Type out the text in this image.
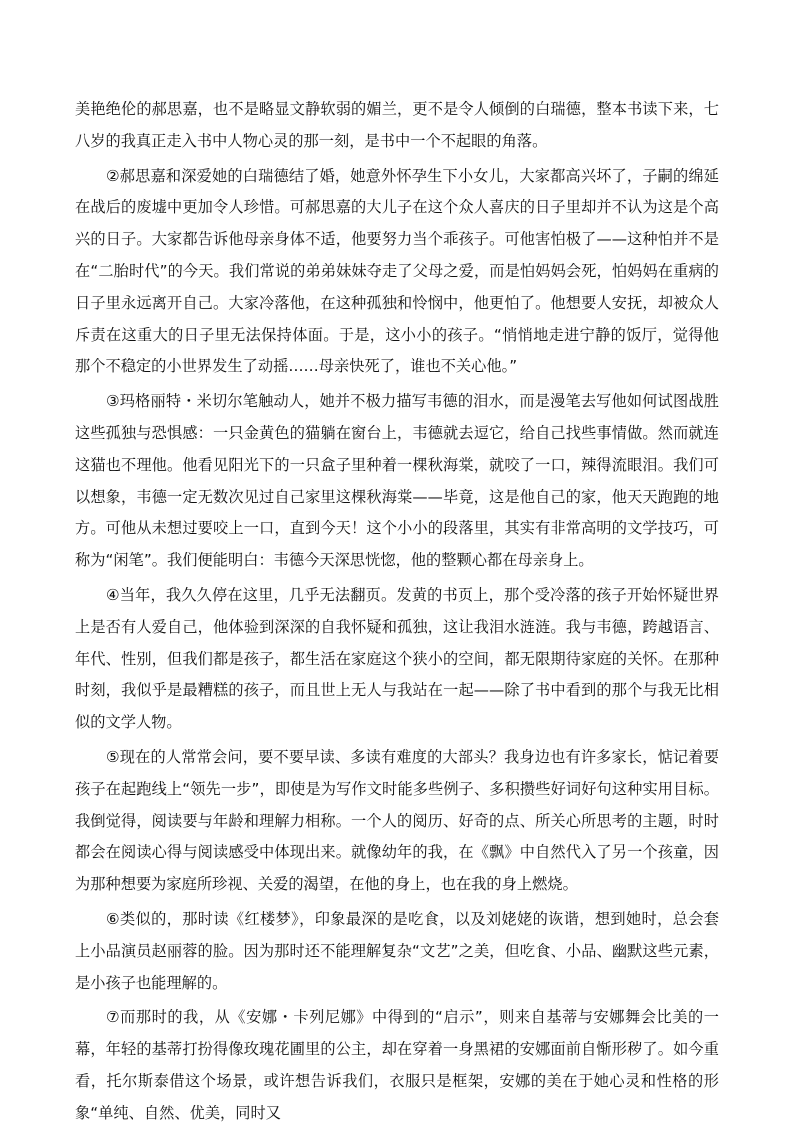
美艳绝伦的郝思嘉，也不是略显文静软弱的媚兰，更不是令人倾倒的白瑞德，整本书读下来，七八岁的我真正走入书中人物心灵的那一刻，是书中一个不起眼的角落。

②郝思嘉和深爱她的白瑞德结了婚，她意外怀孕生下小女儿，大家都高兴坏了，子嗣的绵延在战后的废墟中更加令人珍惜。可郝思嘉的大儿子在这个众人喜庆的日子里却并不认为这是个高兴的日子。大家都告诉他母亲身体不适，他要努力当个乖孩子。可他害怕极了——这种怕并不是在“二胎时代”的今天。我们常说的弟弟妹妹夺走了父母之爱，而是怕妈妈会死，怕妈妈在重病的日子里永远离开自己。大家冷落他，在这种孤独和怜悯中，他更怕了。他想要人安抚，却被众人斥责在这重大的日子里无法保持体面。于是，这小小的孩子。“悄悄地走进宁静的饭厅，觉得他那个不稳定的小世界发生了动摇……母亲快死了，谁也不关心他。”

③玛格丽特・米切尔笔触动人，她并不极力描写韦德的泪水，而是漫笔去写他如何试图战胜这些孤独与恐惧感：一只金黄色的猫躺在窗台上，韦德就去逗它，给自己找些事情做。然而就连这猫也不理他。他看见阳光下的一只盒子里种着一棵秋海棠，就咬了一口，辣得流眼泪。我们可以想象，韦德一定无数次见过自己家里这棵秋海棠——毕竟，这是他自己的家，他天天跑跑的地方。可他从未想过要咬上一口，直到今天！这个小小的段落里，其实有非常高明的文学技巧，可称为“闲笔”。我们便能明白：韦德今天深思恍惚，他的整颗心都在母亲身上。

④当年，我久久停在这里，几乎无法翻页。发黄的书页上，那个受冷落的孩子开始怀疑世界上是否有人爱自己，他体验到深深的自我怀疑和孤独，这让我泪水涟涟。我与韦德，跨越语言、年代、性别，但我们都是孩子，都生活在家庭这个狭小的空间，都无限期待家庭的关怀。在那种时刻，我似乎是最糟糕的孩子，而且世上无人与我站在一起——除了书中看到的那个与我无比相似的文学人物。

⑤现在的人常常会问，要不要早读、多读有难度的大部头？我身边也有许多家长，惦记着要孩子在起跑线上“领先一步”，即使是为写作文时能多些例子、多积攒些好词好句这种实用目标。我倒觉得，阅读要与年龄和理解力相称。一个人的阅历、好奇的点、所关心所思考的主题，时时都会在阅读心得与阅读感受中体现出来。就像幼年的我，在《飘》中自然代入了另一个孩童，因为那种想要为家庭所珍视、关爱的渴望，在他的身上，也在我的身上燃烧。

⑥类似的，那时读《红楼梦》，印象最深的是吃食，以及刘姥姥的诙谐，想到她时，总会套上小品演员赵丽蓉的脸。因为那时还不能理解复杂“文艺”之美，但吃食、小品、幽默这些元素，是小孩子也能理解的。

⑦而那时的我，从《安娜・卡列尼娜》中得到的“启示”，则来自基蒂与安娜舞会比美的一幕，年轻的基蒂打扮得像玫瑰花圃里的公主，却在穿着一身黑裙的安娜面前自惭形秽了。如今重看，托尔斯泰借这个场景，或许想告诉我们，衣服只是框架，安娜的美在于她心灵和性格的形象“单纯、自然、优美，同时又
